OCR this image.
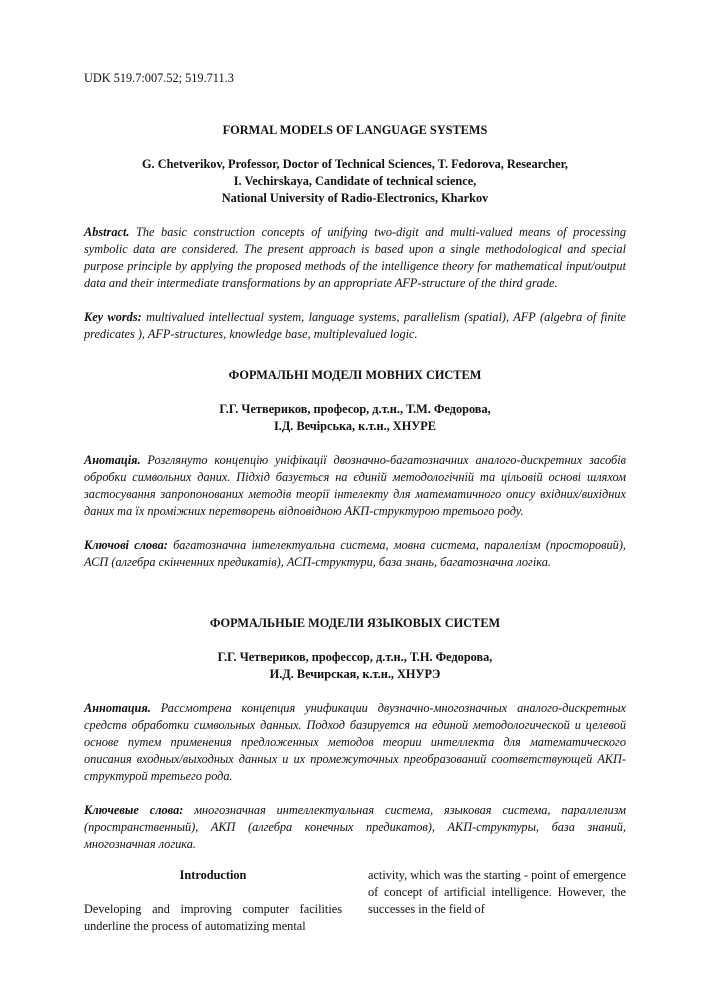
UDK 519.7:007.52; 519.711.3
FORMAL MODELS OF LANGUAGE SYSTEMS
G. Chetverikov, Professor, Doctor of Technical Sciences, T. Fedorova, Researcher,
I. Vechirskaya, Candidate of technical science,
National University of Radio-Electronics, Kharkov
Abstract. The basic construction concepts of unifying two-digit and multi-valued means of processing symbolic data are considered. The present approach is based upon a single methodological and special purpose principle by applying the proposed methods of the intelligence theory for mathematical input/output data and their intermediate transformations by an appropriate AFP-structure of the third grade.
Key words: multivalued intellectual system, language systems, parallelism (spatial), AFP (algebra of finite predicates ), AFP-structures, knowledge base, multiplevalued logic.
ФОРМАЛЬНІ МОДЕЛІ МОВНИХ СИСТЕМ
Г.Г. Четвериков, професор, д.т.н., Т.М. Федорова,
І.Д. Вечірська, к.т.н., ХНУРЕ
Анотація. Розглянуто концепцію уніфікації двозначно-багатозначних аналого-дискретних засобів обробки символьних даних. Підхід базується на єдиній методологічній та цільовій основі шляхом застосування запропонованих методів теорії інтелекту для математичного опису вхідних/вихідних даних та їх проміжних перетворень відповідною АКП-структурою третього роду.
Ключові слова: багатозначна інтелектуальна система, мовна система, паралелізм (просторовий), АСП (алгебра скінченних предикатів), АСП-структури, база знань, багатозначна логіка.
ФОРМАЛЬНЫЕ МОДЕЛИ ЯЗЫКОВЫХ СИСТЕМ
Г.Г. Четвериков, профессор, д.т.н., Т.Н. Федорова,
И.Д. Вечирская, к.т.н., ХНУРЭ
Аннотация. Рассмотрена концепция унификации двузначно-многозначных аналого-дискретных средств обработки символьных данных. Подход базируется на единой методологической и целевой основе путем применения предложенных методов теории интеллекта для математического описания входных/выходных данных и их промежуточных преобразований соответствующей АКП-структурой третьего рода.
Ключевые слова: многозначная интеллектуальная система, языковая система, параллелизм (пространственный), АКП (алгебра конечных предикатов), АКП-структуры, база знаний, многозначная логика.
Introduction
Developing and improving computer facilities underline the process of automatizing mental
activity, which was the starting - point of emergence of concept of artificial intelligence. However, the successes in the field of
